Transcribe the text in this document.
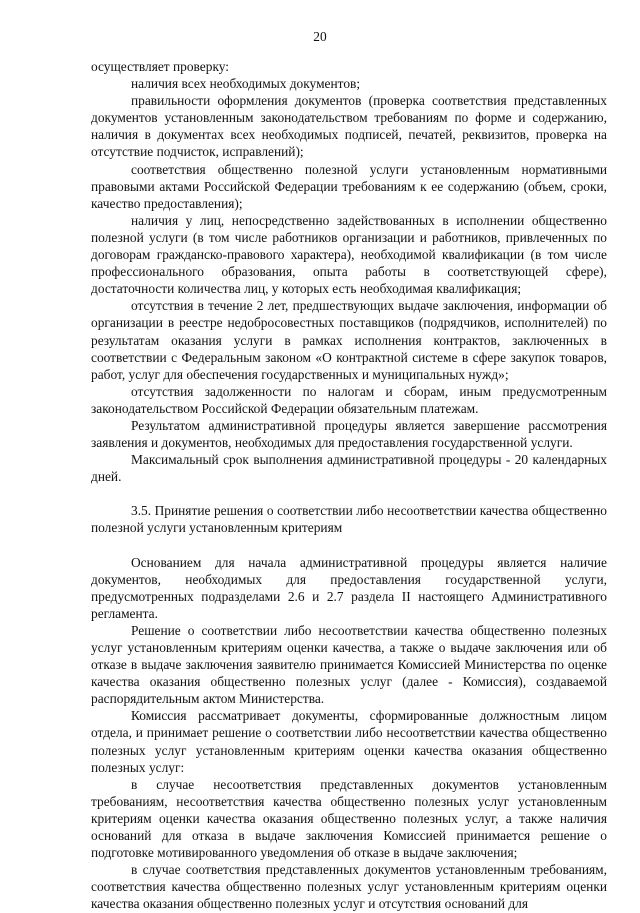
20

осуществляет проверку:

наличия всех необходимых документов;

правильности оформления документов (проверка соответствия представленных документов установленным законодательством требованиям по форме и содержанию, наличия в документах всех необходимых подписей, печатей, реквизитов, проверка на отсутствие подчисток, исправлений);

соответствия общественно полезной услуги установленным нормативными правовыми актами Российской Федерации требованиям к ее содержанию (объем, сроки, качество предоставления);

наличия у лиц, непосредственно задействованных в исполнении общественно полезной услуги (в том числе работников организации и работников, привлеченных по договорам гражданско-правового характера), необходимой квалификации (в том числе профессионального образования, опыта работы в соответствующей сфере), достаточности количества лиц, у которых есть необходимая квалификация;

отсутствия в течение 2 лет, предшествующих выдаче заключения, информации об организации в реестре недобросовестных поставщиков (подрядчиков, исполнителей) по результатам оказания услуги в рамках исполнения контрактов, заключенных в соответствии с Федеральным законом «О контрактной системе в сфере закупок товаров, работ, услуг для обеспечения государственных и муниципальных нужд»;

отсутствия задолженности по налогам и сборам, иным предусмотренным законодательством Российской Федерации обязательным платежам.

Результатом административной процедуры является завершение рассмотрения заявления и документов, необходимых для предоставления государственной услуги.

Максимальный срок выполнения административной процедуры - 20 календарных дней.

3.5. Принятие решения о соответствии либо несоответствии качества общественно полезной услуги установленным критериям

Основанием для начала административной процедуры является наличие документов, необходимых для предоставления государственной услуги, предусмотренных подразделами 2.6 и 2.7 раздела II настоящего Административного регламента.

Решение о соответствии либо несоответствии качества общественно полезных услуг установленным критериям оценки качества, а также о выдаче заключения или об отказе в выдаче заключения заявителю принимается Комиссией Министерства по оценке качества оказания общественно полезных услуг (далее - Комиссия), создаваемой распорядительным актом Министерства.

Комиссия рассматривает документы, сформированные должностным лицом отдела, и принимает решение о соответствии либо несоответствии качества общественно полезных услуг установленным критериям оценки качества оказания общественно полезных услуг:

в случае несоответствия представленных документов установленным требованиям, несоответствия качества общественно полезных услуг установленным критериям оценки качества оказания общественно полезных услуг, а также наличия оснований для отказа в выдаче заключения Комиссией принимается решение о подготовке мотивированного уведомления об отказе в выдаче заключения;

в случае соответствия представленных документов установленным требованиям, соответствия качества общественно полезных услуг установленным критериям оценки качества оказания общественно полезных услуг и отсутствия оснований для
